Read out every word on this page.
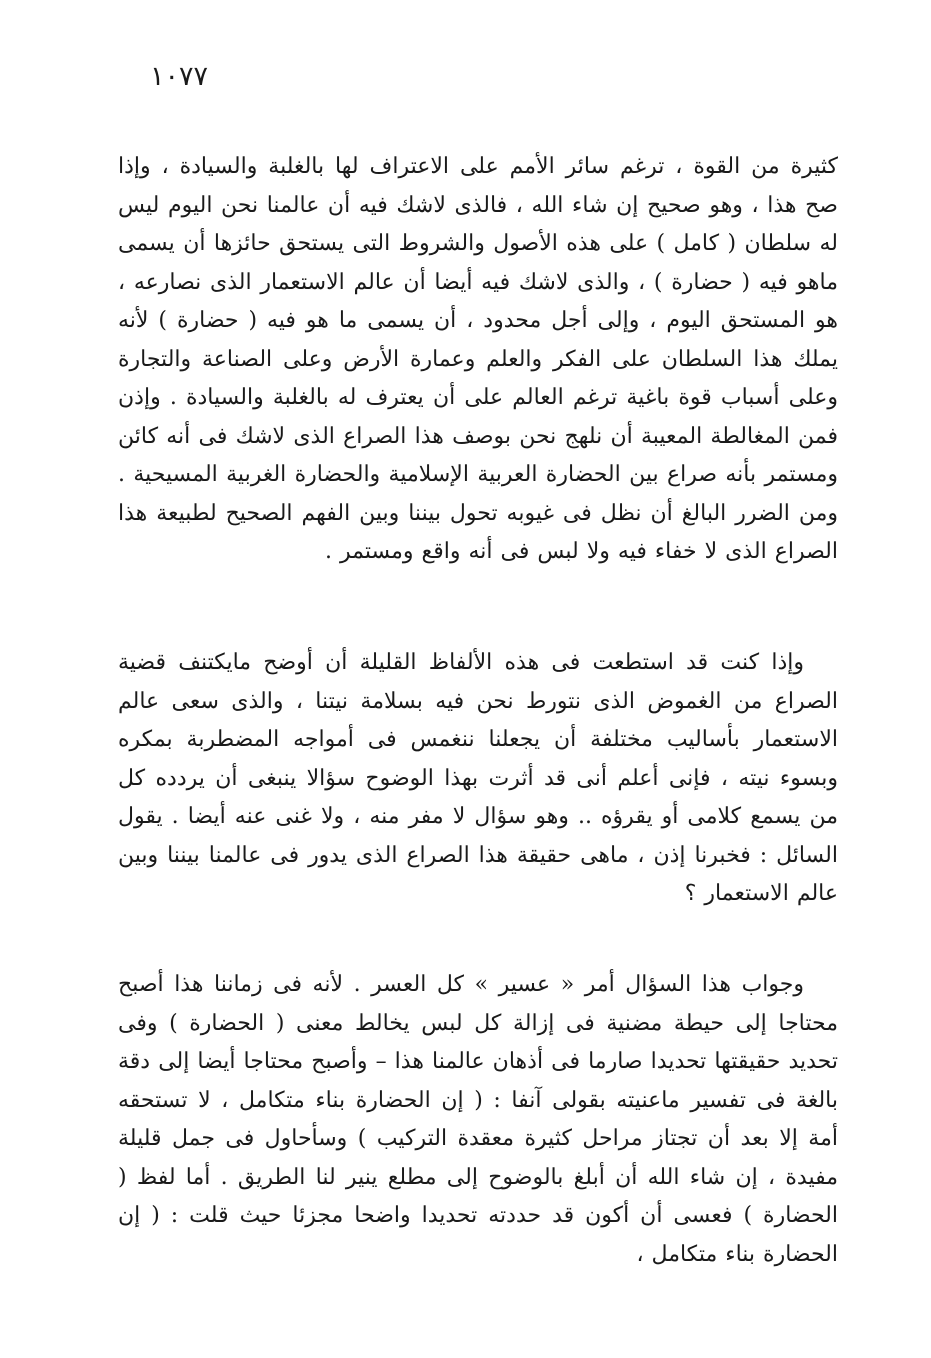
١٠٧٧

كثيرة من القوة ، ترغم سائر الأمم على الاعتراف لها بالغلبة والسيادة ، وإذا صح هذا ، وهو صحيح إن شاء الله ، فالذى لاشك فيه أن عالمنا نحن اليوم ليس له سلطان ( كامل ) على هذه الأصول والشروط التى يستحق حائزها أن يسمى ماهو فيه ( حضارة ) ، والذى لاشك فيه أيضا أن عالم الاستعمار الذى نصارعه ، هو المستحق اليوم ، وإلى أجل محدود ، أن يسمى ما هو فيه ( حضارة ) لأنه يملك هذا السلطان على الفكر والعلم وعمارة الأرض وعلى الصناعة والتجارة وعلى أسباب قوة باغية ترغم العالم على أن يعترف له بالغلبة والسيادة . وإذن فمن المغالطة المعيبة أن نلهج نحن بوصف هذا الصراع الذى لاشك فى أنه كائن ومستمر بأنه صراع بين الحضارة العربية الإسلامية والحضارة الغربية المسيحية . ومن الضرر البالغ أن نظل فى غيوبه تحول بيننا وبين الفهم الصحيح لطبيعة هذا الصراع الذى لا خفاء فيه ولا لبس فى أنه واقع ومستمر .

وإذا كنت قد استطعت فى هذه الألفاظ القليلة أن أوضح مايكتنف قضية الصراع من الغموض الذى نتورط نحن فيه بسلامة نيتنا ، والذى سعى عالم الاستعمار بأساليب مختلفة أن يجعلنا ننغمس فى أمواجه المضطربة بمكره وبسوء نيته ، فإنى أعلم أنى قد أثرت بهذا الوضوح سؤالا ينبغى أن يردده كل من يسمع كلامى أو يقرؤه .. وهو سؤال لا مفر منه ، ولا غنى عنه أيضا . يقول السائل : فخبرنا إذن ، ماهى حقيقة هذا الصراع الذى يدور فى عالمنا بيننا وبين عالم الاستعمار ؟

وجواب هذا السؤال أمر « عسير » كل العسر . لأنه فى زماننا هذا أصبح محتاجا إلى حيطة مضنية فى إزالة كل لبس يخالط معنى ( الحضارة ) وفى تحديد حقيقتها تحديدا صارما فى أذهان عالمنا هذا – وأصبح محتاجا أيضا إلى دقة بالغة فى تفسير ماعنيته بقولى آنفا : ( إن الحضارة بناء متكامل ، لا تستحقه أمة إلا بعد أن تجتاز مراحل كثيرة معقدة التركيب ) وسأحاول فى جمل قليلة مفيدة ، إن شاء الله أن أبلغ بالوضوح إلى مطلع ينير لنا الطريق . أما لفظ ( الحضارة ) فعسى أن أكون قد حددته تحديدا واضحا مجزئا حيث قلت : ( إن الحضارة بناء متكامل ،
